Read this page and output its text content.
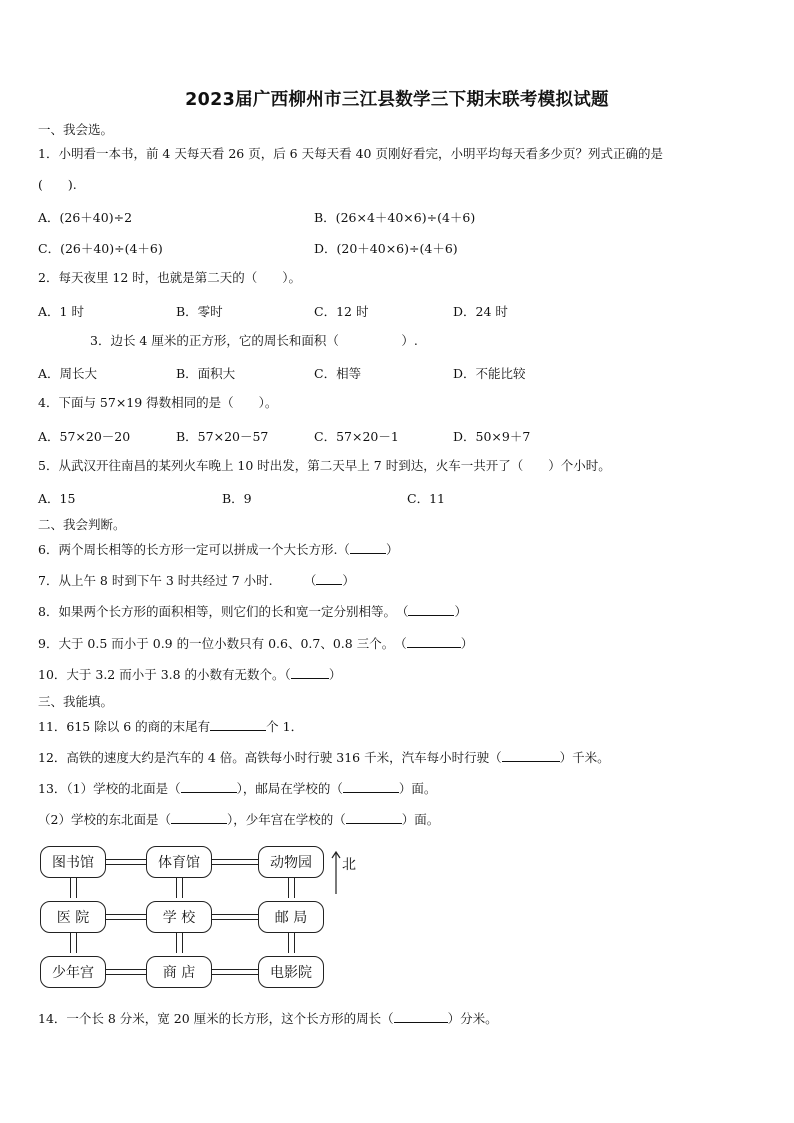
2023届广西柳州市三江县数学三下期末联考模拟试题
一、我会选。
1．小明看一本书，前 4 天每天看 26 页，后 6 天每天看 40 页刚好看完，小明平均每天看多少页？列式正确的是
(　　).
A．(26＋40)÷2	B．(26×4＋40×6)÷(4＋6)
C．(26＋40)÷(4＋6)	D．(20＋40×6)÷(4＋6)
2．每天夜里 12 时，也就是第二天的（　　）。
A．1 时	B．零时	C．12 时	D．24 时
3．边长 4 厘米的正方形，它的周长和面积（　　　　　）.
A．周长大	B．面积大	C．相等	D．不能比较
4．下面与 57×19 得数相同的是（　　）。
A．57×20－20	B．57×20－57	C．57×20－1	D．50×9＋7
5．从武汉开往南昌的某列火车晚上 10 时出发，第二天早上 7 时到达，火车一共开了（　　）个小时。
A．15	B．9	C．11
二、我会判断。
6．两个周长相等的长方形一定可以拼成一个大长方形.（	）
7．从上午 8 时到下午 3 时共经过 7 小时.　　　（ ）
8．如果两个长方形的面积相等，则它们的长和宽一定分别相等。　（	）
9．大于 0.5 而小于 0.9 的一位小数只有 0.6、0.7、0.8 三个。　（	）
10．大于 3.2 而小于 3.8 的小数有无数个。（	）
三、我能填。
11．615 除以 6 的商的末尾有	个 1．
12．高铁的速度大约是汽车的 4 倍。高铁每小时行驶 316 千米，汽车每小时行驶（	）千米。
13．（1）学校的北面是（	），邮局在学校的（	）面。
（2）学校的东北面是（	），少年宫在学校的（	）面。
图书馆	体育馆	动物园
医 院	学 校	邮 局
少年宫	商 店	电影院
北
14．一个长 8 分米，宽 20 厘米的长方形，这个长方形的周长（	）分米。
